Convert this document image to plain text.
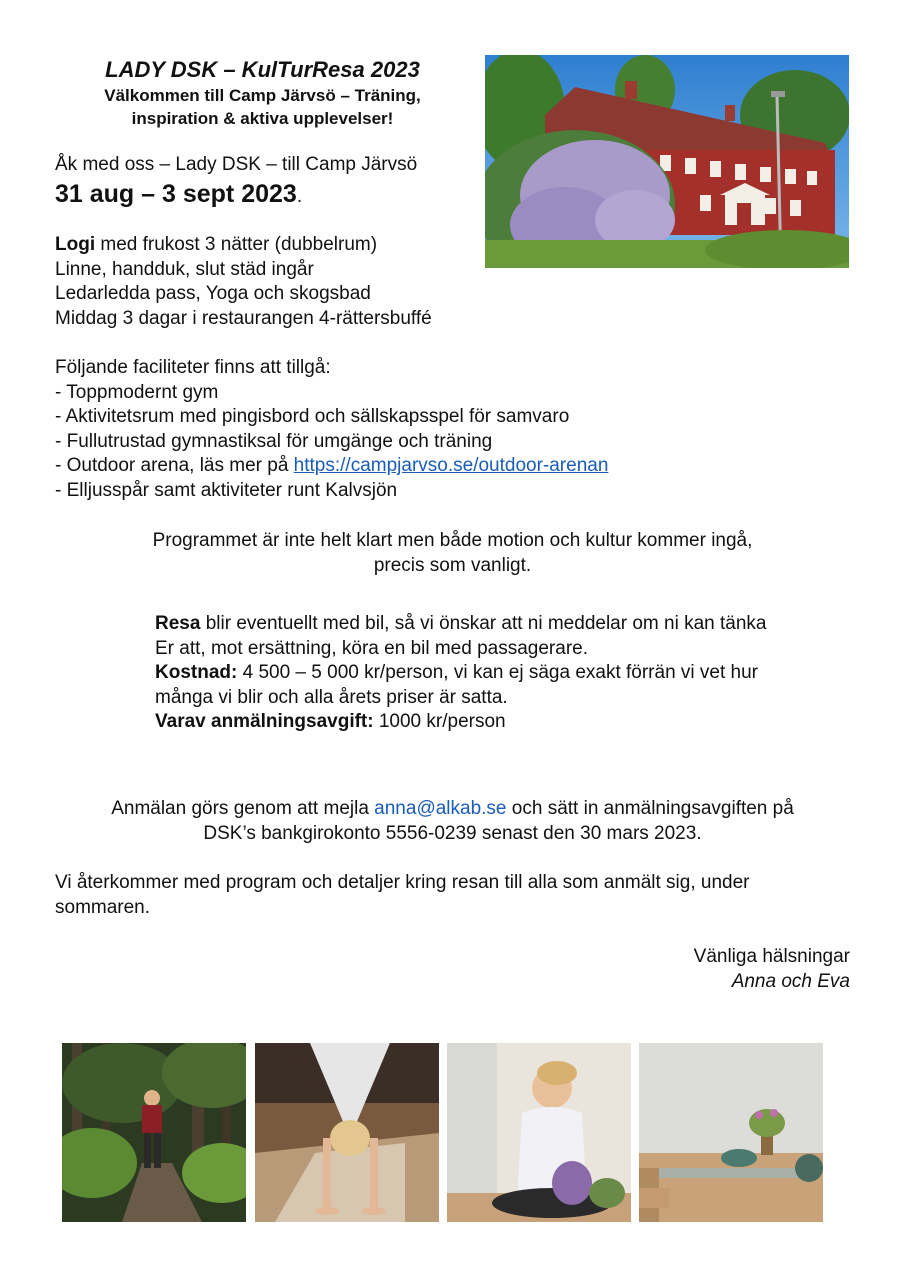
LADY DSK – KulTurResa 2023
Välkommen till Camp Järvsö – Träning,
inspiration & aktiva upplevelser!
Åk med oss – Lady DSK – till Camp Järvsö
31 aug – 3 sept 2023.
Logi med frukost 3 nätter (dubbelrum)
Linne, handduk, slut städ ingår
Ledarledda pass, Yoga och skogsbad
Middag 3 dagar i restaurangen 4-rättersbuffé
Följande faciliteter finns att tillgå:
- Toppmodernt gym
- Aktivitetsrum med pingisbord och sällskapsspel för samvaro
- Fullutrustad gymnastiksal för umgänge och träning
- Outdoor arena, läs mer på https://campjarvso.se/outdoor-arenan
- Elljusspår samt aktiviteter runt Kalvsjön
Programmet är inte helt klart men både motion och kultur kommer ingå,
precis som vanligt.
Resa blir eventuellt med bil, så vi önskar att ni meddelar om ni kan tänka
Er att, mot ersättning, köra en bil med passagerare.
Kostnad: 4 500 – 5 000 kr/person, vi kan ej säga exakt förrän vi vet hur
många vi blir och alla årets priser är satta.
Varav anmälningsavgift: 1000 kr/person
Anmälan görs genom att mejla anna@alkab.se och sätt in anmälningsavgiften på
DSK’s bankgirokonto 5556-0239 senast den 30 mars 2023.
Vi återkommer med program och detaljer kring resan till alla som anmält sig, under
sommaren.
Vänliga hälsningar
Anna och Eva
